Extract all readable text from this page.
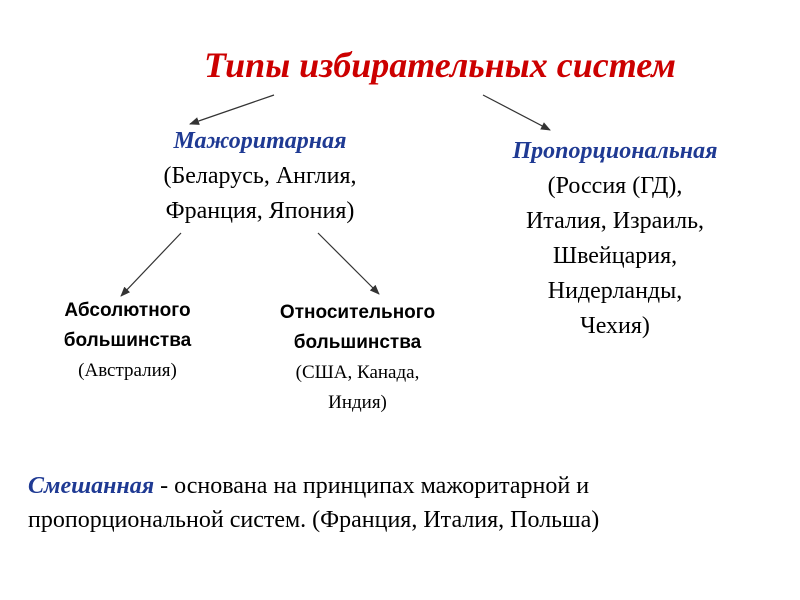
Типы избирательных систем
Мажоритарная
(Беларусь, Англия,
Франция, Япония)
Пропорциональная
(Россия (ГД),
Италия, Израиль,
Швейцария,
Нидерланды,
Чехия)
Абсолютного
большинства
(Австралия)
Относительного
большинства
(США, Канада,
Индия)
Смешанная - основана на принципах мажоритарной и пропорциональной систем. (Франция, Италия, Польша)
